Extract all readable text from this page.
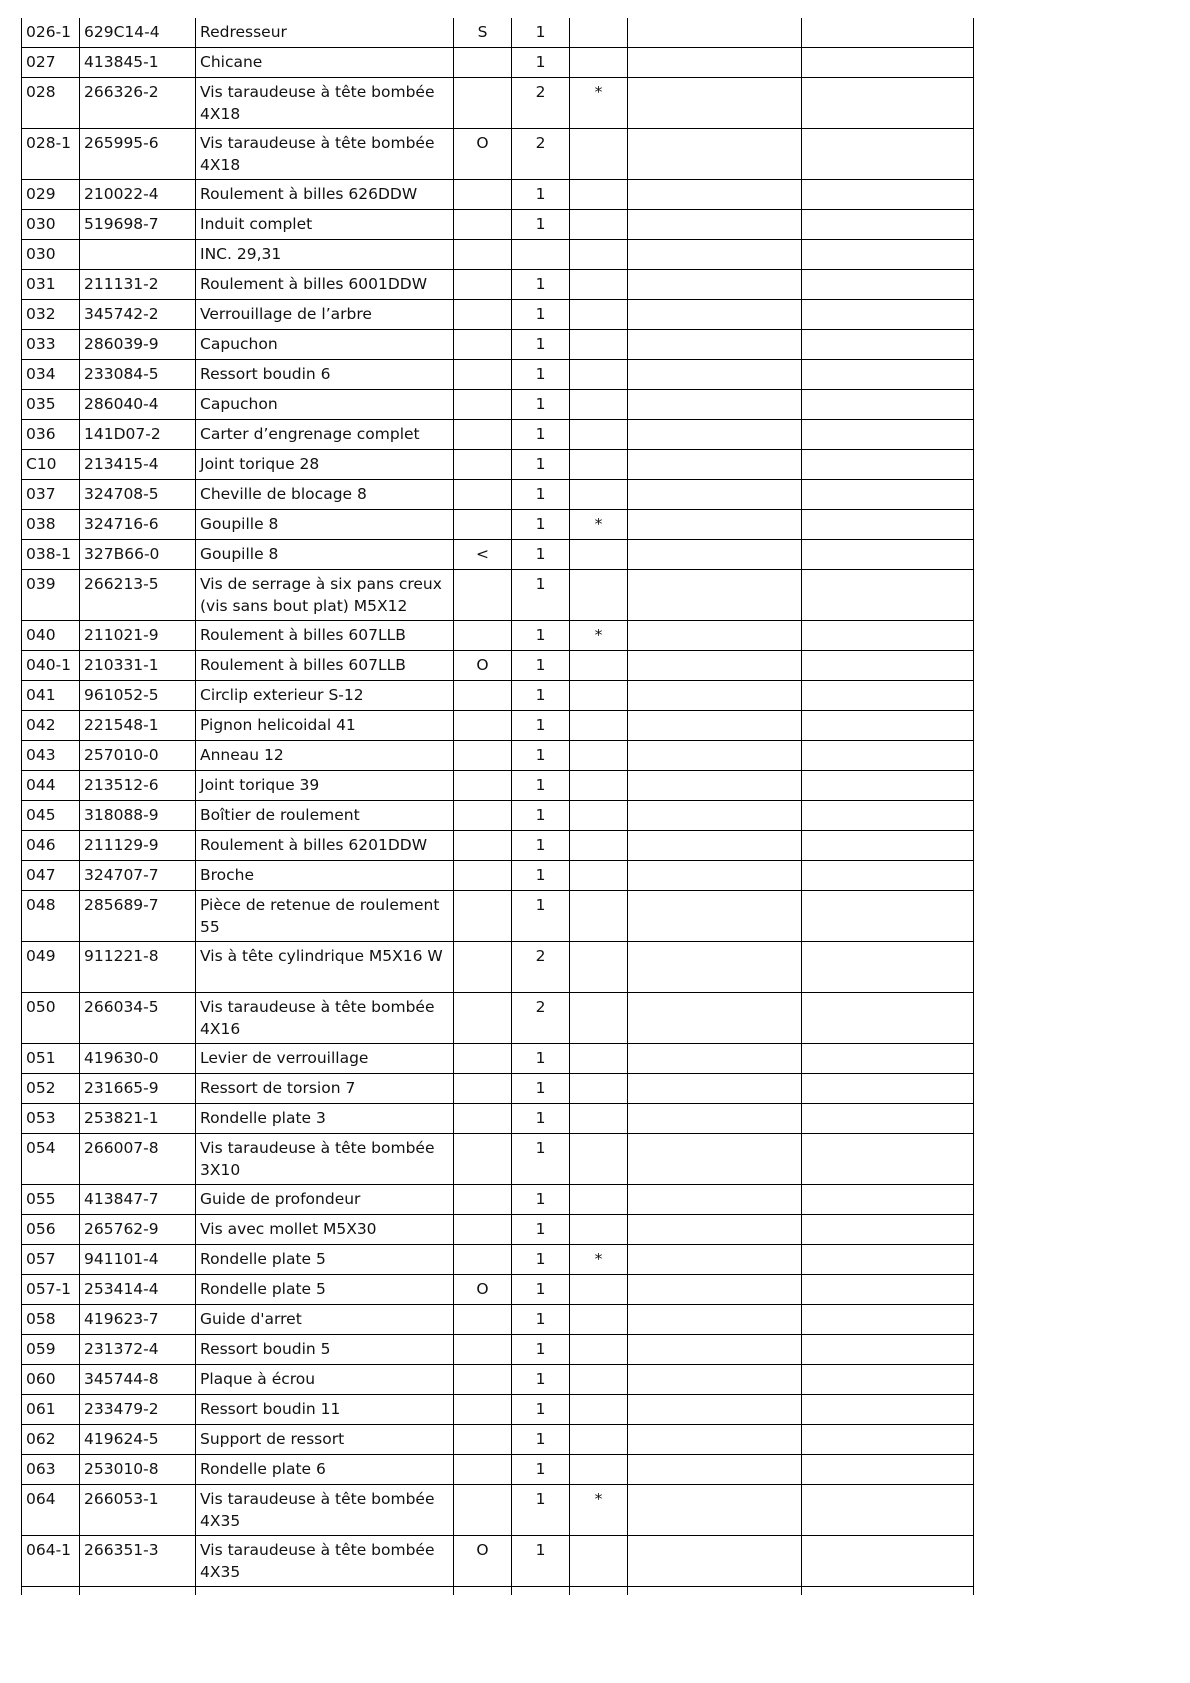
026-1	629C14-4	Redresseur	S	1			
027	413845-1	Chicane		1			
028	266326-2	Vis taraudeuse à tête bombée 4X18		2	*		
028-1	265995-6	Vis taraudeuse à tête bombée 4X18	O	2			
029	210022-4	Roulement à billes 626DDW		1			
030	519698-7	Induit complet		1			
030		INC. 29,31					
031	211131-2	Roulement à billes 6001DDW		1			
032	345742-2	Verrouillage de l’arbre		1			
033	286039-9	Capuchon		1			
034	233084-5	Ressort boudin 6		1			
035	286040-4	Capuchon		1			
036	141D07-2	Carter d’engrenage complet		1			
C10	213415-4	Joint torique 28		1			
037	324708-5	Cheville de blocage 8		1			
038	324716-6	Goupille 8		1	*		
038-1	327B66-0	Goupille 8	<	1			
039	266213-5	Vis de serrage à six pans creux (vis sans bout plat) M5X12		1			
040	211021-9	Roulement à billes 607LLB		1	*		
040-1	210331-1	Roulement à billes 607LLB	O	1			
041	961052-5	Circlip exterieur S-12		1			
042	221548-1	Pignon helicoidal 41		1			
043	257010-0	Anneau 12		1			
044	213512-6	Joint torique 39		1			
045	318088-9	Boîtier de roulement		1			
046	211129-9	Roulement à billes 6201DDW		1			
047	324707-7	Broche		1			
048	285689-7	Pièce de retenue de roulement 55		1			
049	911221-8	Vis à tête cylindrique M5X16 W		2			
050	266034-5	Vis taraudeuse à tête bombée 4X16		2			
051	419630-0	Levier de verrouillage		1			
052	231665-9	Ressort de torsion 7		1			
053	253821-1	Rondelle plate 3		1			
054	266007-8	Vis taraudeuse à tête bombée 3X10		1			
055	413847-7	Guide de profondeur		1			
056	265762-9	Vis avec mollet M5X30		1			
057	941101-4	Rondelle plate 5		1	*		
057-1	253414-4	Rondelle plate 5	O	1			
058	419623-7	Guide d'arret		1			
059	231372-4	Ressort boudin 5		1			
060	345744-8	Plaque à écrou		1			
061	233479-2	Ressort boudin 11		1			
062	419624-5	Support de ressort		1			
063	253010-8	Rondelle plate 6		1			
064	266053-1	Vis taraudeuse à tête bombée 4X35		1	*		
064-1	266351-3	Vis taraudeuse à tête bombée 4X35	O	1			
